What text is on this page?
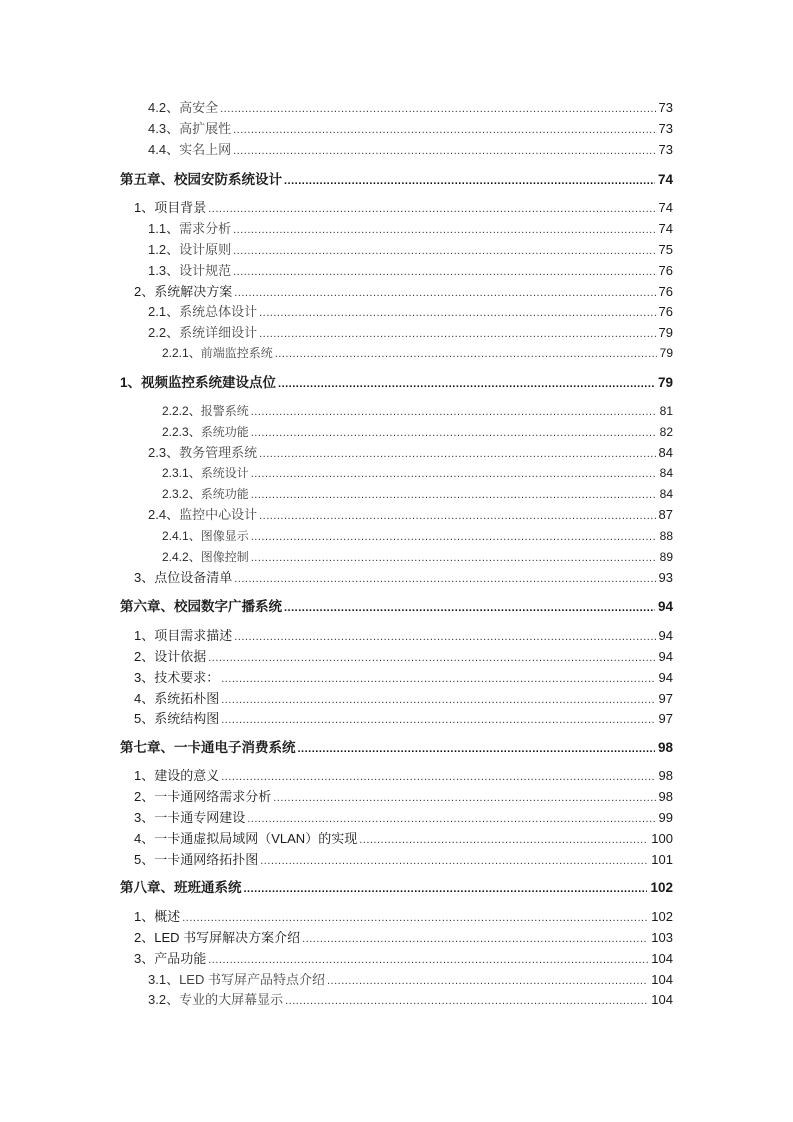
4.2、高安全 .....	73
4.3、高扩展性 .....	73
4.4、实名上网 .....	73
第五章、校园安防系统设计 .....	74
1、项目背景 .....	74
1.1、需求分析 .....	74
1.2、设计原则 .....	75
1.3、设计规范 .....	76
2、系统解决方案 .....	76
2.1、系统总体设计 .....	76
2.2、系统详细设计 .....	79
2.2.1、前端监控系统 .....	79
1、视频监控系统建设点位 .....	79
2.2.2、报警系统 .....	81
2.2.3、系统功能 .....	82
2.3、教务管理系统 .....	84
2.3.1、系统设计 .....	84
2.3.2、系统功能 .....	84
2.4、监控中心设计 .....	87
2.4.1、图像显示 .....	88
2.4.2、图像控制 .....	89
3、点位设备清单 .....	93
第六章、校园数字广播系统 .....	94
1、项目需求描述 .....	94
2、设计依据 .....	94
3、技术要求： .....	94
4、系统拓朴图 .....	97
5、系统结构图 .....	97
第七章、一卡通电子消费系统 .....	98
1、建设的意义 .....	98
2、一卡通网络需求分析 .....	98
3、一卡通专网建设 .....	99
4、一卡通虚拟局域网（VLAN）的实现 .....	100
5、一卡通网络拓扑图 .....	101
第八章、班班通系统 .....	102
1、概述 .....	102
2、LED 书写屏解决方案介绍 .....	103
3、产品功能 .....	104
3.1、LED 书写屏产品特点介绍 .....	104
3.2、专业的大屏幕显示 .....	104
